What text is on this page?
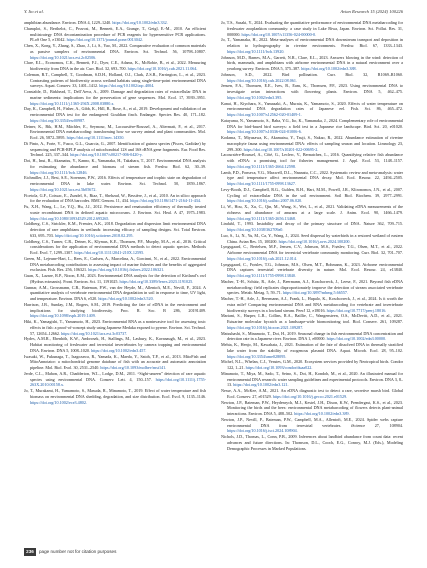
Y. Ito et al.	Avian Research 15 (2024) 100226

amphibian abundance. Environ. DNA 4, 1229–1240. https://doi.org/10.1002/edn3.332.

Champlot, S., Berthelot, C., Pruvost, M., Bennett, E.A., Grange, T., Geigl, E.-M., 2010. An efficient multistrategy DNA decontamination procedure of PCR reagents for hypersensitive PCR applications. PLoS One 5, e13042. https://doi.org/10.1371/journal.pone.0013042.

Chen, X., Kong, Y., Zhang, S., Zhao, J., Li, S., Yao, M., 2022. Comparative evaluation of common materials as passive samplers of environmental DNA. Environ. Sci. Technol. 56, 10798–10807. https://doi.org/10.1021/acs.est.2c02506.

Clare, E.L., Economou, C.K., Bennett, F.J., Dyer, C.E., Adams, K., McRobie, B., et al., 2022. Measuring biodiversity from DNA in the air. Curr. Biol. 32, 693–700. https://doi.org/10.1016/j.cub.2021.11.064.

Coleman, R.T., Campbell, T., Goodman, S.D.H., Holland, O.J., Clark, Z.S.R., Farrington, L., et al., 2023. Contrasting patterns of biodiversity across wetland habitats using single-time-point environmental DNA surveys. Aquat. Conserv. 33, 1401–1412. https://doi.org/10.1002/aqc.4004.

Constable, D., Birkhead, T., Dell’Aeva, A., 2009. Damage and degradation rates of extracellular DNA in marine sediments: implications for the preservation of gene sequences. Mol. Ecol. 17, 3939–3951. https://doi.org/10.1111/j.1365-294X.2008.03880.x.

Day, K., Campbell, H., Fisher, A., Gibb, K., Hill, B., Rose, A., et al., 2019. Development and validation of an environmental DNA test for the endangered Gouldian finch. Endanger. Species Res. 40, 171–182. https://doi.org/10.3354/esr00987.

Deiner, K., Bik, H.M., Mächler, E., Seymour, M., Lacoursière-Roussel, A., Altermatt, F., et al., 2017. Environmental DNA metabarcoding: transforming how we survey animal and plant communities. Mol. Ecol. 26, 5872–5895. https://doi.org/10.1111/mec.14350.

Di Pinto, A., Forte, V., Fusco, G.L., Guarcia, G., 2007. Identification of guinea species (Pisces, Gadidae) by sequencing and PCR-RFLP analysis of mitochondrial 12S and 16S rRNA gene fragments. Eur. Food Res. Technol. 225, 337–344. https://doi.org/10.1007/s00217-006-0420-y.

Doi, H., Inui, R., Akamatsu, Y., Kanno, K., Yamanaka, H., Takahara, T., 2017. Environmental DNA analysis for estimating the abundance and biomass of stream fish. Freshw. Biol. 62, 30–39. https://doi.org/10.1111/fwb.12846.

Eichmiller, J.J., Best, S.E., Sorensen, P.W., 2016. Effects of temperature and trophic state on degradation of environmental DNA in lake water. Environ. Sci. Technol. 50, 1859–1867. https://doi.org/10.1021/acs.est.5b05672.

Ficetola, G.F., Coissac, E., Zundel, S., Riaz, T., Shehzad, W., Bessière, J., et al., 2010. An in silico approach for the evaluation of DNA barcodes. BMC Genom. 11, 434. https://doi.org/10.1186/1471-2164-11-434.

Fu, X.H., Wang, L., Le, Y.Q., Hu, J.J., 2012. Persistence and renaturation efficiency of thermally treated waste recombinant DNA in defined aquatic microcosms. J. Environ. Sci. Heal. A 47, 1975–1983. https://doi.org/10.1080/10934529.2012.695265.

Goldberg, C.S., Strickler, K.M., Fremier, A.K., 2018. Degradation and dispersion limit environmental DNA detection of rare amphibians in wetlands: increasing efficacy of sampling designs. Sci. Total Environ. 633, 695–703. https://doi.org/10.1016/j.scitotenv.2018.02.295.

Goldberg, C.S., Turner, C.R., Deiner, K., Klymus, K.E., Thomsen, P.F., Murphy, M.A., et al., 2016. Critical considerations for the application of environmental DNA methods to detect aquatic species. Methods Ecol. Evol. 7, 1299–1307. https://doi.org/10.1111/2041-210X.12595.

Green, M., Lejeune-Hart, L., Rees, E., Carlsen, A., Marcelina, A., Gorcinni, N., et al., 2022. Environmental DNA metabarcoding contributions to assessing impact of marine fisheries and the benefits of aggregated exclusion. Fish. Res. 256, 106321. https://doi.org/10.1016/j.fishres.2022.106321.

Guan, X., Lazare, R.P., Nixon, E.M., 2023. Environmental DNA analysis for the detection of Kirtland’s owl (Hydrus ecimanix). Front. Environ. Sci. 11, 1191025. https://doi.org/10.3389/fenvs.2023.1191025.

Gunnar, A.M., Grossmann, C.B., Bateman, P.W., van der Heyde, M., Allentoft, M.E., Nevill, P., 2024. A quantitative analysis of vertebrate environmental DNA degradation in soil in response to time, UV light, and temperature. Environ. DNA 6, e520. https://doi.org/10.1002/edn3.520.

Harrison, J.B., Sunday, J.M., Rogers, S.M., 2019. Predicting the fate of eDNA in the environment and implications for studying biodiversity. Proc. R. Soc. B 286, 20191409. https://doi.org/10.1098/rspb.2019.1409.

Hiki, K., Yamagishi, T., Yamamoto, H., 2023. Environmental RNA as a noninvasive tool for assessing toxic effects in fish: a proof-of-concept study using Japanese Medaka exposed to pyrene. Environ. Sci. Technol. 57, 12654–12662. https://doi.org/10.1021/acs.est.3c03737.

Hydes, A.M.R., Ebenhöh, K.W., Ambrosek, H., Stallings, M., Lasbury, K., Kavanaugh, M., et al., 2023. Habitat monitoring of freshwater and terrestrial invertebrates by camera trapping and environmental DNA. Environ. DNA 5, 1008–1020. https://doi.org/10.1002/edn3.457.

Iwasaki, W., Fukunaga, T., Isagozawa, R., Yamada, K., Maeda, Y., Satoh, T.P., et al., 2013. MitoFish and MitoAnnotator: a mitochondrial genome database of fish with an accurate and automatic annotation pipeline. Mol. Biol. Evol. 30, 2531–2540. https://doi.org/10.1093/molbev/mst141.

Jerde, C.L., Mahon, A.R., Chadderton, W.L., Lodge, D.M., 2011. “Sight-unseen” detection of rare aquatic species using environmental DNA. Conserv. Lett. 4, 150–157. https://doi.org/10.1111/j.1755-263X.2010.00158.x.

Jo, T., Murakami, H., Yamamoto, S., Masuda, R., Minamoto, T., 2019. Effect of water temperature and fish biomass on environmental DNA shedding, degradation, and size distribution. Ecol. Evol. 9, 1135–1146. https://doi.org/10.1002/ece3.4802.

Jo, T.S., Sasaki, Y., 2024. Evaluating the quantitative performance of environmental DNA metabarcoding for freshwater zooplankton community: a case study in Lake Biwa, Japan. Environ. Sci. Pollut. Res. 31, 000000. https://doi.org/10.1007/s11356-024-00000-0.

Jo, T., Yamanaka, H., 2022. Meta-analyses of environmental DNA downstream transport and deposition in relation to hydrogeography in riverine environments. Freshw. Biol. 67, 1333–1343. https://doi.org/10.1111/fwb.13920.

Johnson, M.D., Barnes, M.A., Garrett, N.R., Clare, E.L., 2023. Answers blowing in the wind: detection of birds, mammals, and amphibians with airborne environmental DNA in a natural environment over a yearlong survey. Environ. DNA 5, 375–387. https://doi.org/10.1002/edn3.388.

Johnson, S.D., 2022. Bird pollination. Curr. Biol. 32, R1069–R1060. https://doi.org/10.1016/j.cub.2022.08.061.

Jensen, F.A., Thomsen, E.E., Ives, B., Eam, K., Thomsen, P.F., 2023. Using environmental DNA to investigate avian interactions with flowering plants. Environ. DNA 5, 462–475. https://doi.org/10.1002/edn3.395.

Kanai, H., Kiyohara, S., Yamazaki, A., Murata, K., Yamamoto, S., 2020. Effects of water temperature on environmental DNA degradation rates of Japanese eel. Fish. Sci. 86, 465–472. https://doi.org/10.1007/s12562-020-01409-1.

Katayama, N., Yamamoto, S., Baba, Y.G., Ito, K., Yamanaka, J., 2024. Complementary role of environmental DNA for bird-based bird surveys: a field test in a Japanese rice landscape. Bird. Sci. 20, e01020. https://doi.org/10.1007/s10336-024-01006-6.

Kodama, T., Miyazawa, K., Akamatsu, Y., Tsuji, S., Nakao, R., 2022. Abundance estimation of riverine macrophyte fauna using environmental DNA: effects of sampling season and location. Limnology 23, 299–300. https://doi.org/10.1007/s10201-022-00695-2.

Lacoursière-Roussel, A., Côté, G., Leclerc, V., Bernatchez, L., 2016. Quantifying relative fish abundance with eDNA: a promising tool for fisheries management. J. Appl. Ecol. 53, 1148–1157. https://doi.org/10.1111/1365-2664.12598.

Lamb, P.D., Fonseca, V.G., Maxwell, D.L., Nnanatu, C.C., 2022. Systematic review and meta-analysis: water type and temperature affect environmental DNA decay. Mol. Ecol. Resour. 22, 2494–2505. https://doi.org/10.1111/1755-0998.13627.

Levy-Booth, D.J., Campbell, R.G., Gulden, R.H., Hart, M.M., Powell, J.R., Klironomos, J.N., et al., 2007. Cycling of extracellular DNA in the soil environment. Soil Biol. Biochem. 39, 2977–2991. https://doi.org/10.1016/j.soilbio.2007.06.020.

Li, W., Hou, X., Xu, C., Qin, M., Wang, S., Wei, L., et al., 2021. Validating eDNA measurements of the richness and abundance of anurans at a large scale. J. Anim. Ecol. 90, 1466–1479. https://doi.org/10.1111/1365-2656.13468.

Lindahl, T., 1993. Instability and decay of the primary structure of DNA. Nature 362, 709–715. https://doi.org/10.1038/362709a0.

Luo, S., Li, N., Yu, M., Ca, Y., Wang, J., 2024. Seed dispersal by waterbirds in a restored wetland of eastern China. Avian Res. 15, 100200. https://doi.org/10.1016/j.avrs.2024.100200.

Lyngsgaard, C., Bertelsen, M.F., Jensen, C.V., Johnson, M.S., Frøslev, T.G., Olsen, M.T., et al., 2022. Airborne environmental DNA for terrestrial vertebrate community monitoring. Curr. Biol. 32, 701–707. https://doi.org/10.1016/j.cub.2021.12.014.

Lyngsgaard, C., Frøslev, T.G., Johnson, M.S., Olsen, M.T., Bohmann, K., 2023. Airborne environmental DNA captures terrestrial vertebrate diversity in nature. Mol. Ecol. Resour. 24, e13840. https://doi.org/10.1111/1755-0998.13840.

Macher, T.-H., Schütz, R., Arle, J., Beermann, A.J., Koschorreck, J., Leese, F., 2021. Beyond fish eDNA metabarcoding: field replicates disproportionately improve the detection of stream associated vertebrate species. Metab. Metag. 5, 59–71. https://doi.org/10.3897/mbmg.5.66557.

Macher, T.-H., Arle, J., Beermann, A.J., Frank, L., Hupalo, K., Koschorreck, J., et al., 2024. Is it worth the extra mile? Comparing environmental DNA and RNA metabarcoding for vertebrate and invertebrate biodiversity surveys in a lowland stream. PeerJ 12, e18016. https://doi.org/10.7717/peerj.18016.

Mariani, S., Harper, L.R., Collins, R.A., Baillie, C., Wangensteen, O.S., McDevitt, A.D., et al., 2021. Estuarine molecular bycatch as a landscape-wide biomonitoring tool. Biol. Conserv. 261, 109287. https://doi.org/10.1016/j.biocon.2021.109287.

Matsuhashi, S., Minamoto, T., Doi, H., 2019. Seasonal change in fish environmental DNA concentration and detection rate in a Japanese river. Environ. DNA 1, e00000. https://doi.org/10.1002/edn3.00000.

Mehta, K., Henjo, M., Kawahata, J., 2021. Estimation of the fate of dissolved DNA in thermally stratified lake water from the stability of exogenous plasmid DNA. Aquat. Microb. Ecol. 28, 95–102. https://doi.org/10.3354/ame028095.

Michel, N.L., Whelan, C.J., Verutes, G.M., 2020. Ecosystem services provided by Neotropical birds. Condor 122, 1–21. https://doi.org/10.1093/condor/duaa022.

Minamoto, T., Miya, M., Sado, T., Seino, S., Doi, H., Kondoh, M., et al., 2020. An illustrated manual for environmental DNA research: water sampling guidelines and experimental protocols. Environ. DNA 3, 8–13. https://doi.org/10.1002/edn3.121.

Nesse, A.A., McKee, A.M., 2021. An eDNA diagnostic test to detect a rare, secretive marsh bird. Global Ecol. Conserv. 27, e01529. https://doi.org/10.1016/j.gecco.2021.e01529.

Newton, J.P., Bateman, P.W., Heydenrych, M.J., Kestel, J.H., Dixon, K.W., Prendergast, K.S., et al., 2023. Monitoring the birds and the bees: environmental DNA metabarcoding of flowers detects plant-animal interactions. Environ. DNA 5, 488–502. https://doi.org/10.1002/edn3.389.

Newton, J.P., Nevill, P., Bateman, P.W., Campbell, M.A., Allentoft, M.E., 2024. Spider webs capture environmental DNA from terrestrial vertebrates. iScience 27, 108904. https://doi.org/10.1016/j.isci.2024.108904.

Nichols, J.D., Thomas, L., Conn, P.B., 2009. Inferences about landbird abundance from count data: recent advances and future directions. In: Thomson, D.L., Cooch, E.G., Conroy, M.J. (Eds.), Modeling Demographic Processes in Marked Populations.

236	page number not for citation purposes
